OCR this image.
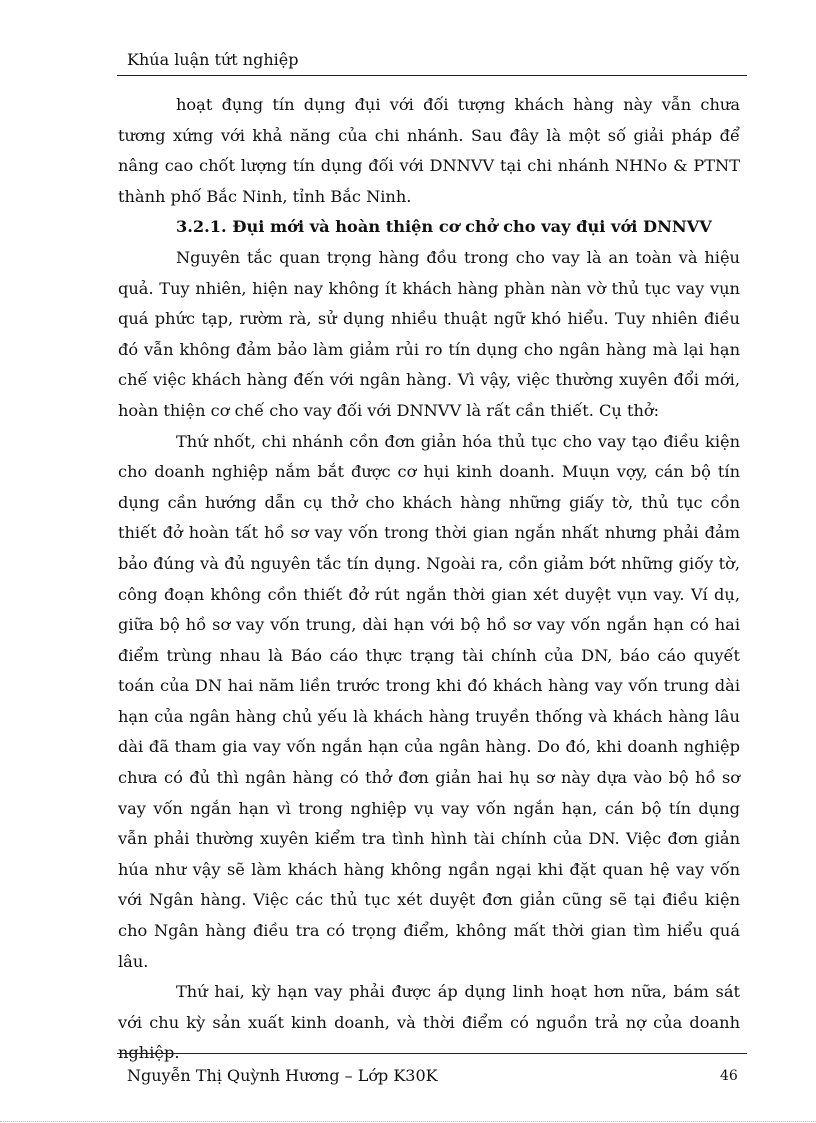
Khúa luận tứt nghiệp

hoạt đụng tín dụng đụi với đối tượng khách hàng này vẫn chưa tương xứng với khả năng của chi nhánh. Sau đây là một số giải pháp để nâng cao chốt lượng tín dụng đối với DNNVV tại chi nhánh NHNo & PTNT thành phố Bắc Ninh, tỉnh Bắc Ninh.

3.2.1. Đụi mới và hoàn thiện cơ chở cho vay đụi với DNNVV

Nguyên tắc quan trọng hàng đồu trong cho vay là an toàn và hiệu quả. Tuy nhiên, hiện nay không ít khách hàng phàn nàn vờ thủ tục vay vụn quá phức tạp, rườm rà, sử dụng nhiều thuật ngữ khó hiểu. Tuy nhiên điều đó vẫn không đảm bảo làm giảm rủi ro tín dụng cho ngân hàng mà lại hạn chế việc khách hàng đến với ngân hàng. Vì vậy, việc thường xuyên đổi mới, hoàn thiện cơ chế cho vay đối với DNNVV là rất cần thiết. Cụ thở:

Thứ nhốt, chi nhánh cồn đơn giản hóa thủ tục cho vay tạo điều kiện cho doanh nghiệp nắm bắt được cơ hụi kinh doanh. Muụn vợy, cán bộ tín dụng cần hướng dẫn cụ thở cho khách hàng những giấy tờ, thủ tục cồn thiết đở hoàn tất hồ sơ vay vốn trong thời gian ngắn nhất nhưng phải đảm bảo đúng và đủ nguyên tắc tín dụng. Ngoài ra, cồn giảm bớt những giốy tờ, công đoạn không cồn thiết đở rút ngắn thời gian xét duyệt vụn vay. Ví dụ, giữa bộ hồ sơ vay vốn trung, dài hạn với bộ hồ sơ vay vốn ngắn hạn có hai điểm trùng nhau là Báo cáo thực trạng tài chính của DN, báo cáo quyết toán của DN hai năm liền trước trong khi đó khách hàng vay vốn trung dài hạn của ngân hàng chủ yếu là khách hàng truyền thống và khách hàng lâu dài đã tham gia vay vốn ngắn hạn của ngân hàng. Do đó, khi doanh nghiệp chưa có đủ thì ngân hàng có thở đơn giản hai hụ sơ này dựa vào bộ hồ sơ vay vốn ngắn hạn vì trong nghiệp vụ vay vốn ngắn hạn, cán bộ tín dụng vẫn phải thường xuyên kiểm tra tình hình tài chính của DN. Việc đơn giản húa như vậy sẽ làm khách hàng không ngần ngại khi đặt quan hệ vay vốn với Ngân hàng. Việc các thủ tục xét duyệt đơn giản cũng sẽ tại điều kiện cho Ngân hàng điều tra có trọng điểm, không mất thời gian tìm hiểu quá lâu.

Thứ hai, kỳ hạn vay phải được áp dụng linh hoạt hơn nữa, bám sát với chu kỳ sản xuất kinh doanh, và thời điểm có nguồn trả nợ của doanh nghiệp.

Nguyễn Thị Quỳnh Hương – Lớp K30K	46
